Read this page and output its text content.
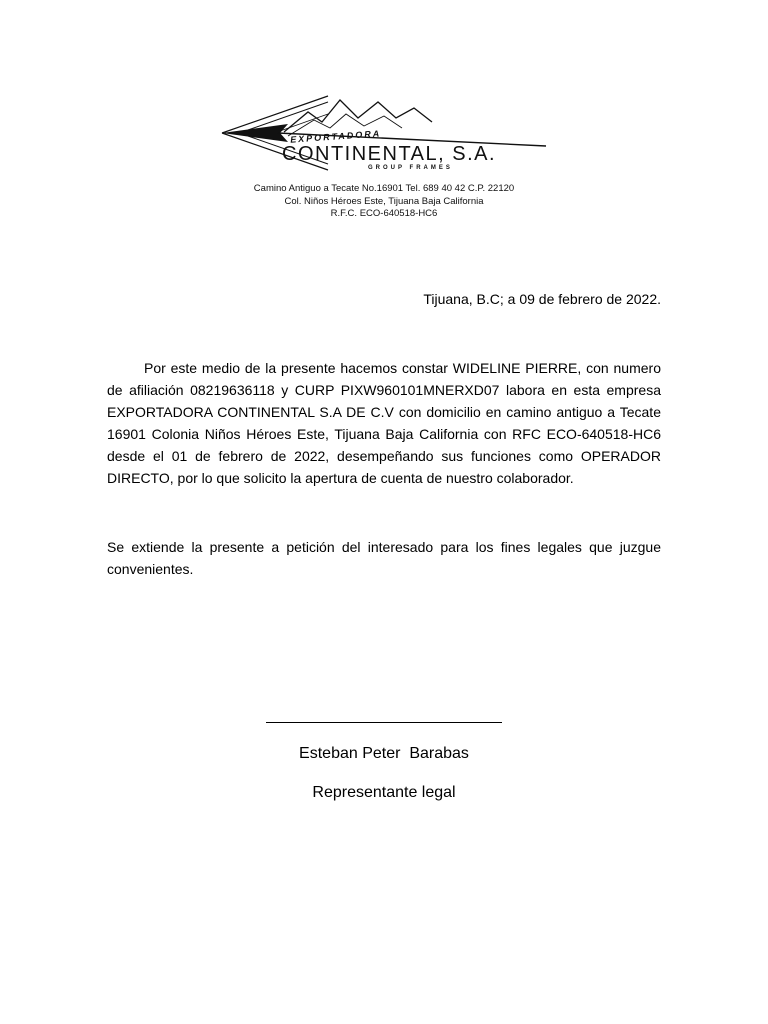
EXPORTADORA
GROUP FRAMES
CONTINENTAL, S.A.
Camino Antiguo a Tecate No.16901 Tel. 689 40 42 C.P. 22120
Col. Niños Héroes Este, Tijuana Baja California
R.F.C. ECO-640518-HC6
Tijuana, B.C; a 09 de febrero de 2022.

Por este medio de la presente hacemos constar WIDELINE PIERRE, con numero de afiliación 08219636118 y CURP PIXW960101MNERXD07 labora en esta empresa EXPORTADORA CONTINENTAL S.A DE C.V con domicilio en camino antiguo a Tecate 16901 Colonia Niños Héroes Este, Tijuana Baja California con RFC ECO-640518-HC6 desde el 01 de febrero de 2022, desempeñando sus funciones como OPERADOR DIRECTO, por lo que solicito la apertura de cuenta de nuestro colaborador.

Se extiende la presente a petición del interesado para los fines legales que juzgue convenientes.

Esteban Peter  Barabas
Representante legal
